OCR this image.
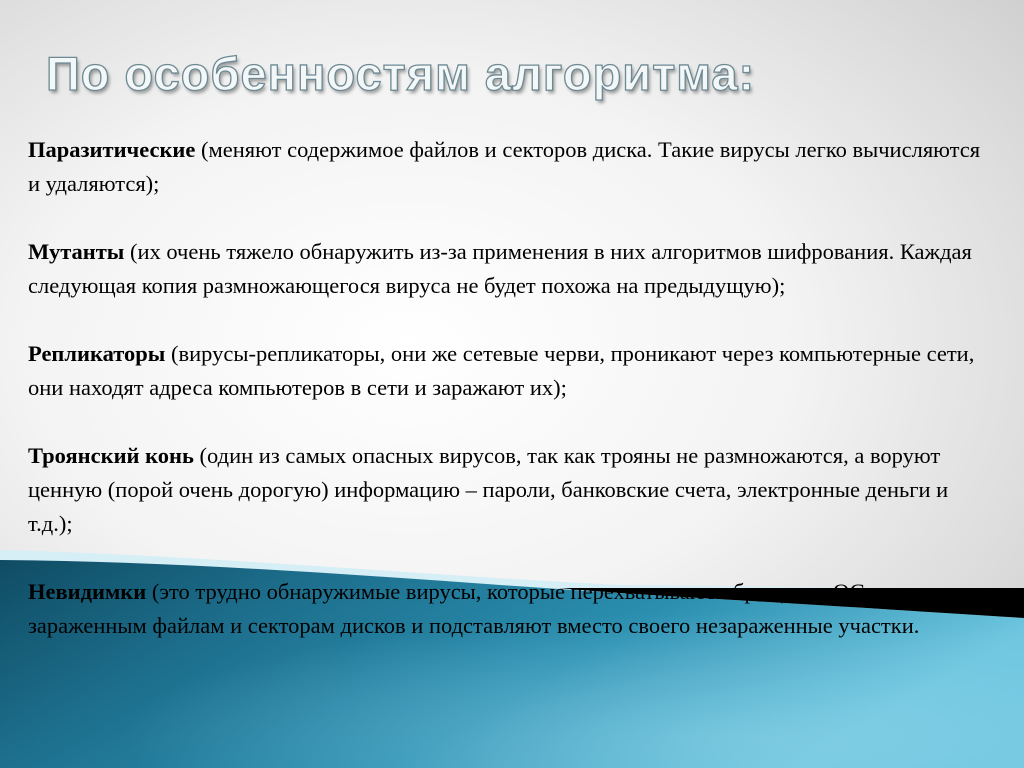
По особенностям алгоритма:

Паразитические (меняют содержимое файлов и секторов диска. Такие вирусы легко вычисляются и удаляются);

Мутанты (их очень тяжело обнаружить из-за применения в них алгоритмов шифрования. Каждая следующая копия размножающегося вируса не будет похожа на предыдущую);

Репликаторы (вирусы-репликаторы, они же сетевые черви, проникают через компьютерные сети, они находят адреса компьютеров в сети и заражают их);

Троянский конь (один из самых опасных вирусов, так как трояны не размножаются, а воруют ценную (порой очень дорогую) информацию – пароли, банковские счета, электронные деньги и т.д.);

Невидимки (это трудно обнаружимые вирусы, которые перехватывают обращения ОС к зараженным файлам и секторам дисков и подставляют вместо своего незараженные участки.
